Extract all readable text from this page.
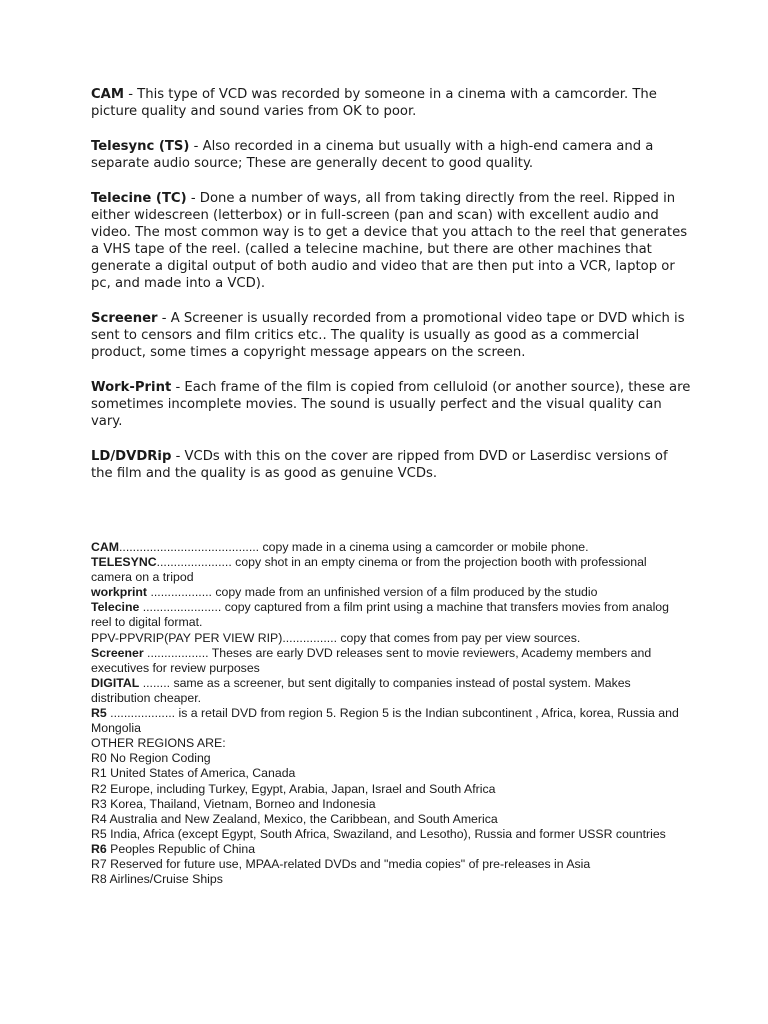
CAM - This type of VCD was recorded by someone in a cinema with a camcorder. The picture quality and sound varies from OK to poor.

Telesync (TS) - Also recorded in a cinema but usually with a high-end camera and a separate audio source; These are generally decent to good quality.

Telecine (TC) - Done a number of ways, all from taking directly from the reel. Ripped in either widescreen (letterbox) or in full-screen (pan and scan) with excellent audio and video. The most common way is to get a device that you attach to the reel that generates a VHS tape of the reel. (called a telecine machine, but there are other machines that generate a digital output of both audio and video that are then put into a VCR, laptop or pc, and made into a VCD).

Screener - A Screener is usually recorded from a promotional video tape or DVD which is sent to censors and film critics etc.. The quality is usually as good as a commercial product, some times a copyright message appears on the screen.

Work-Print - Each frame of the film is copied from celluloid (or another source), these are sometimes incomplete movies. The sound is usually perfect and the visual quality can vary.

LD/DVDRip - VCDs with this on the cover are ripped from DVD or Laserdisc versions of the film and the quality is as good as genuine VCDs.

CAM......................................... copy made in a cinema using a camcorder or mobile phone.
TELESYNC...................... copy shot in an empty cinema or from the projection booth with professional camera on a tripod
workprint .................. copy made from an unfinished version of a film produced by the studio
Telecine ....................... copy captured from a film print using a machine that transfers movies from analog reel to digital format.
PPV-PPVRIP(PAY PER VIEW RIP)................ copy that comes from pay per view sources.
Screener .................. Theses are early DVD releases sent to movie reviewers, Academy members and executives for review purposes
DIGITAL ........ same as a screener, but sent digitally to companies instead of postal system. Makes distribution cheaper.
R5 ................... is a retail DVD from region 5. Region 5 is the Indian subcontinent , Africa, korea, Russia and Mongolia
OTHER REGIONS ARE:
R0 No Region Coding
R1 United States of America, Canada
R2 Europe, including Turkey, Egypt, Arabia, Japan, Israel and South Africa
R3 Korea, Thailand, Vietnam, Borneo and Indonesia
R4 Australia and New Zealand, Mexico, the Caribbean, and South America
R5 India, Africa (except Egypt, South Africa, Swaziland, and Lesotho), Russia and former USSR countries
R6 Peoples Republic of China
R7 Reserved for future use, MPAA-related DVDs and "media copies" of pre-releases in Asia
R8 Airlines/Cruise Ships
